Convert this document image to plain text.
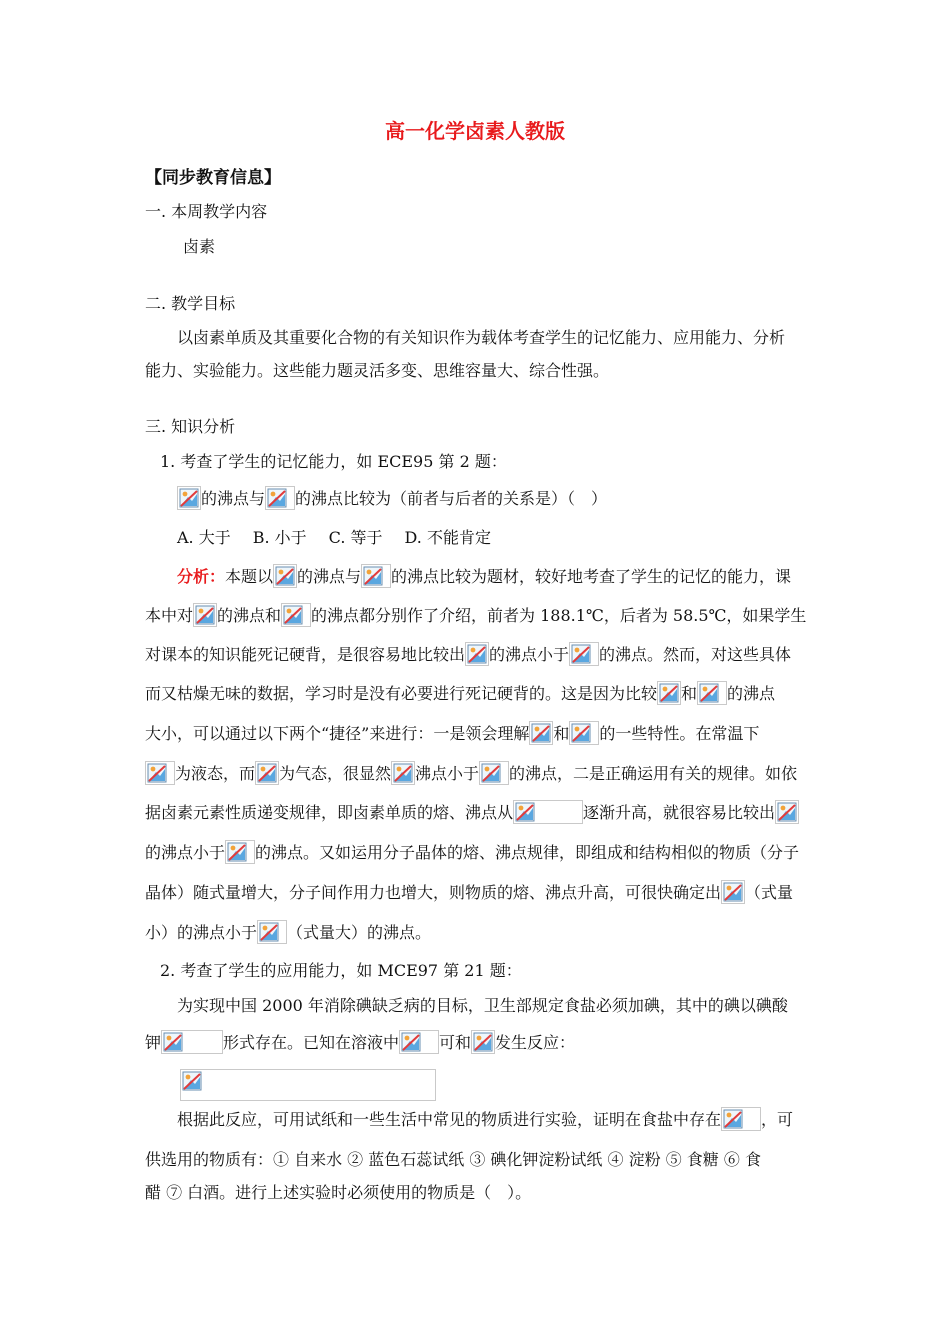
高一化学卤素人教版
【同步教育信息】
一. 本周教学内容
卤素
二. 教学目标
以卤素单质及其重要化合物的有关知识作为载体考查学生的记忆能力、应用能力、分析
能力、实验能力。这些能力题灵活多变、思维容量大、综合性强。
三. 知识分析
1. 考查了学生的记忆能力，如 ECE95 第 2 题：
的沸点与 的沸点比较为（前者与后者的关系是）（　）
A. 大于 B. 小于 C. 等于 D. 不能肯定
分析：本题以 的沸点与 的沸点比较为题材，较好地考查了学生的记忆的能力，课
本中对 的沸点和 的沸点都分别作了介绍，前者为 188.1℃，后者为 58.5℃，如果学生
对课本的知识能死记硬背，是很容易地比较出 的沸点小于 的沸点。然而，对这些具体
而又枯燥无味的数据，学习时是没有必要进行死记硬背的。这是因为比较 和 的沸点
大小，可以通过以下两个“捷径”来进行：一是领会理解 和 的一些特性。在常温下
为液态，而 为气态，很显然 沸点小于 的沸点，二是正确运用有关的规律。如依
据卤素元素性质递变规律，即卤素单质的熔、沸点从	逐渐升高，就很容易比较出
的沸点小于 的沸点。又如运用分子晶体的熔、沸点规律，即组成和结构相似的物质（分子
晶体）随式量增大，分子间作用力也增大，则物质的熔、沸点升高，可很快确定出 （式量
小）的沸点小于 （式量大）的沸点。
2. 考查了学生的应用能力，如 MCE97 第 21 题：
为实现中国 2000 年消除碘缺乏病的目标，卫生部规定食盐必须加碘，其中的碘以碘酸
钾	形式存在。已知在溶液中	可和 发生反应：
根据此反应，可用试纸和一些生活中常见的物质进行实验，证明在食盐中存在	，可
供选用的物质有：① 自来水 ② 蓝色石蕊试纸 ③ 碘化钾淀粉试纸 ④ 淀粉 ⑤ 食糖 ⑥ 食
醋 ⑦ 白酒。进行上述实验时必须使用的物质是（　）。
